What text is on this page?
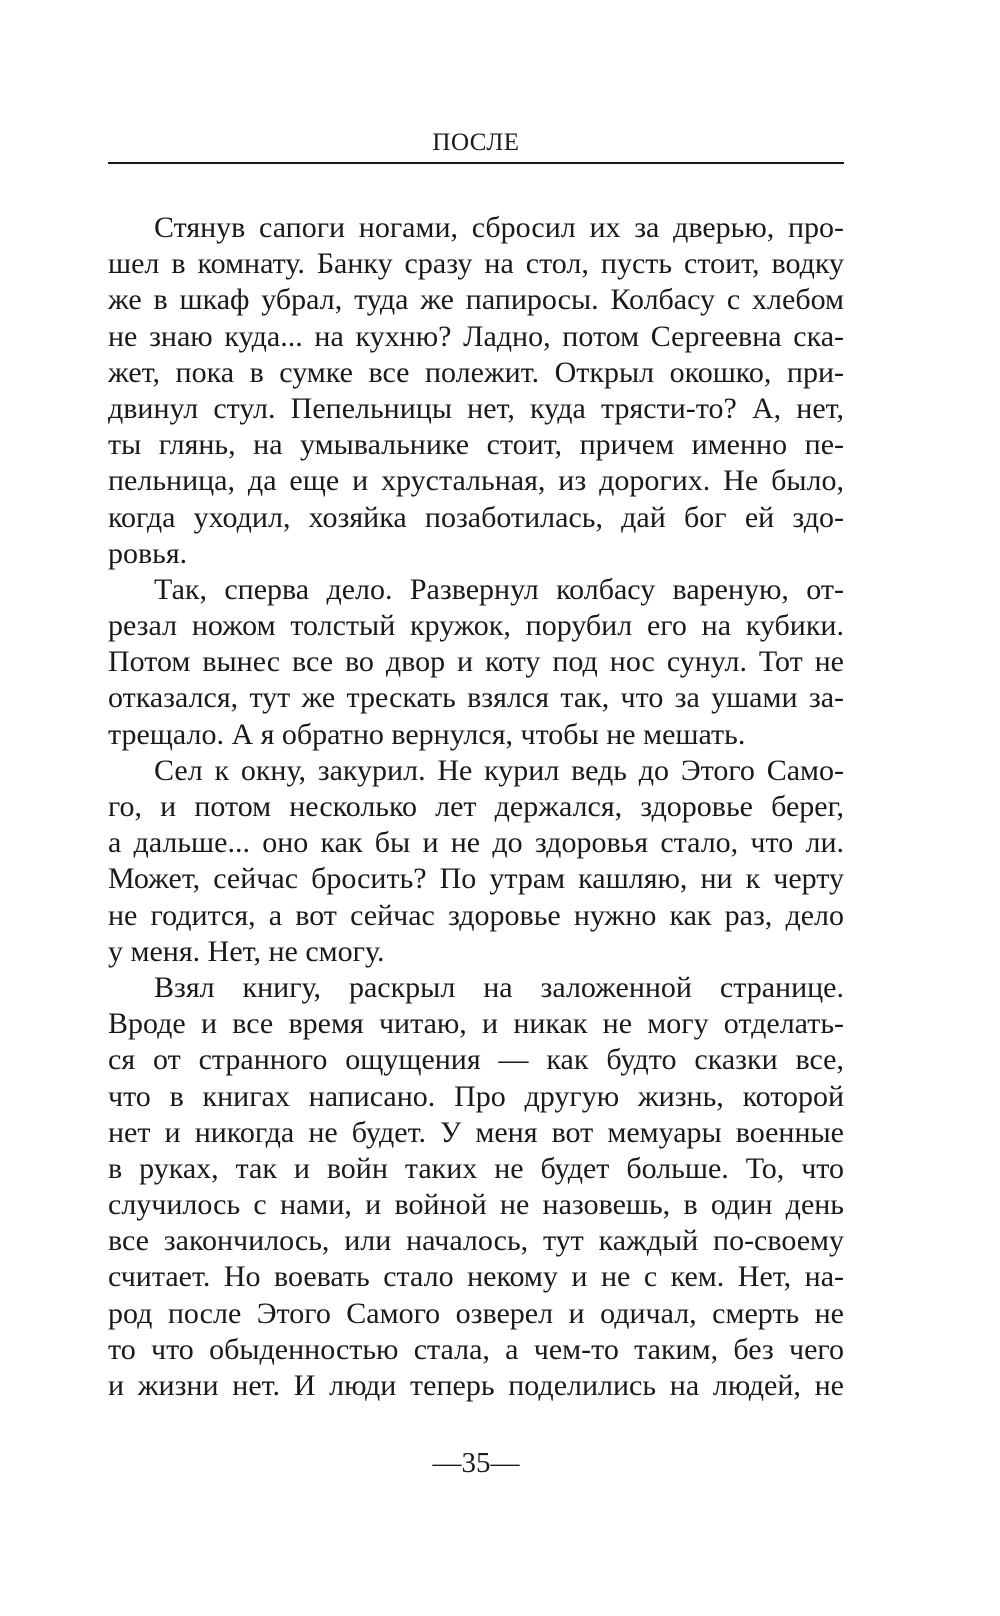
ПОСЛЕ
Стянув сапоги ногами, сбросил их за дверью, про-
шел в комнату. Банку сразу на стол, пусть стоит, водку
же в шкаф убрал, туда же папиросы. Колбасу с хлебом
не знаю куда... на кухню? Ладно, потом Сергеевна ска-
жет, пока в сумке все полежит. Открыл окошко, при-
двинул стул. Пепельницы нет, куда трясти-то? А, нет,
ты глянь, на умывальнике стоит, причем именно пе-
пельница, да еще и хрустальная, из дорогих. Не было,
когда уходил, хозяйка позаботилась, дай бог ей здо-
ровья.
Так, сперва дело. Развернул колбасу вареную, от-
резал ножом толстый кружок, порубил его на кубики.
Потом вынес все во двор и коту под нос сунул. Тот не
отказался, тут же трескать взялся так, что за ушами за-
трещало. А я обратно вернулся, чтобы не мешать.
Сел к окну, закурил. Не курил ведь до Этого Само-
го, и потом несколько лет держался, здоровье берег,
а дальше... оно как бы и не до здоровья стало, что ли.
Может, сейчас бросить? По утрам кашляю, ни к черту
не годится, а вот сейчас здоровье нужно как раз, дело
у меня. Нет, не смогу.
Взял книгу, раскрыл на заложенной странице.
Вроде и все время читаю, и никак не могу отделать-
ся от странного ощущения — как будто сказки все,
что в книгах написано. Про другую жизнь, которой
нет и никогда не будет. У меня вот мемуары военные
в руках, так и войн таких не будет больше. То, что
случилось с нами, и войной не назовешь, в один день
все закончилось, или началось, тут каждый по-своему
считает. Но воевать стало некому и не с кем. Нет, на-
род после Этого Самого озверел и одичал, смерть не
то что обыденностью стала, а чем-то таким, без чего
и жизни нет. И люди теперь поделились на людей, не
—35—
